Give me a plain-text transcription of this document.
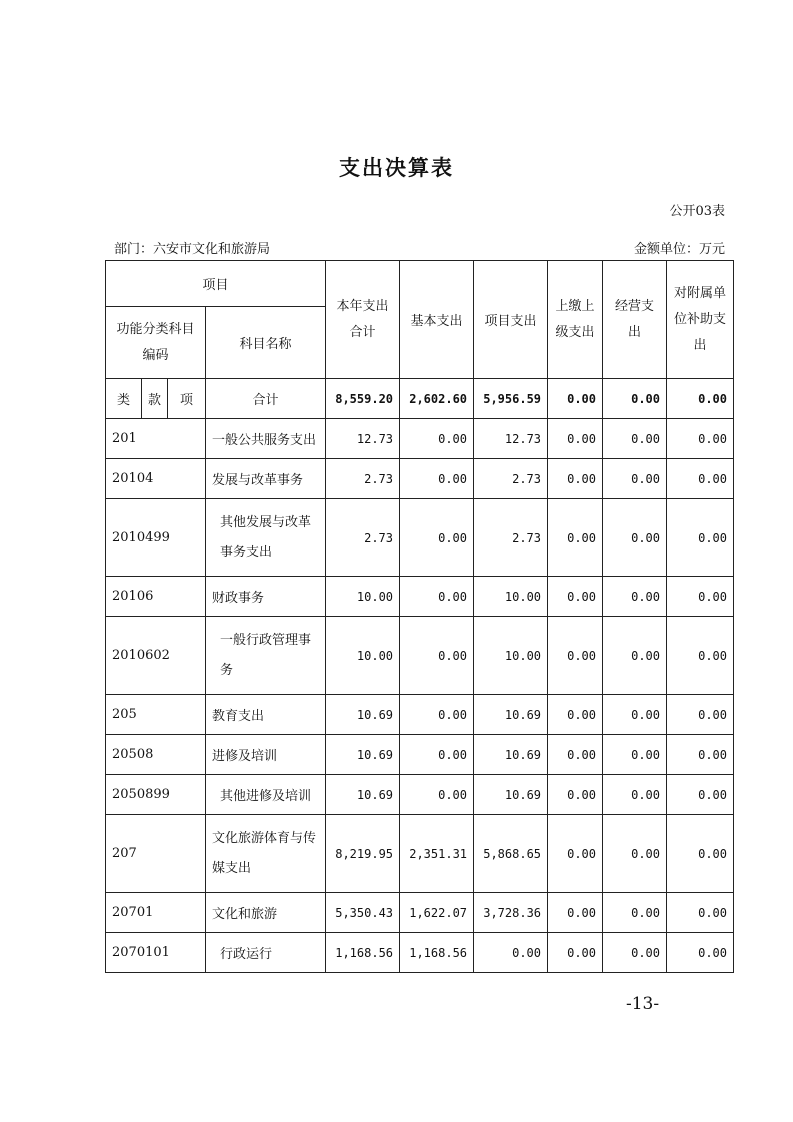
支出决算表
公开03表
部门：六安市文化和旅游局	金额单位：万元
项目				本年支出合计	基本支出	项目支出	上缴上级支出	经营支出	对附属单位补助支出
功能分类科目编码			科目名称						
类	款	项	合计	8,559.20	2,602.60	5,956.59	0.00	0.00	0.00
201			一般公共服务支出	12.73	0.00	12.73	0.00	0.00	0.00
20104			发展与改革事务	2.73	0.00	2.73	0.00	0.00	0.00
2010499			其他发展与改革事务支出	2.73	0.00	2.73	0.00	0.00	0.00
20106			财政事务	10.00	0.00	10.00	0.00	0.00	0.00
2010602			一般行政管理事务	10.00	0.00	10.00	0.00	0.00	0.00
205			教育支出	10.69	0.00	10.69	0.00	0.00	0.00
20508			进修及培训	10.69	0.00	10.69	0.00	0.00	0.00
2050899			其他进修及培训	10.69	0.00	10.69	0.00	0.00	0.00
207			文化旅游体育与传媒支出	8,219.95	2,351.31	5,868.65	0.00	0.00	0.00
20701			文化和旅游	5,350.43	1,622.07	3,728.36	0.00	0.00	0.00
2070101			行政运行	1,168.56	1,168.56	0.00	0.00	0.00	0.00
-13-
